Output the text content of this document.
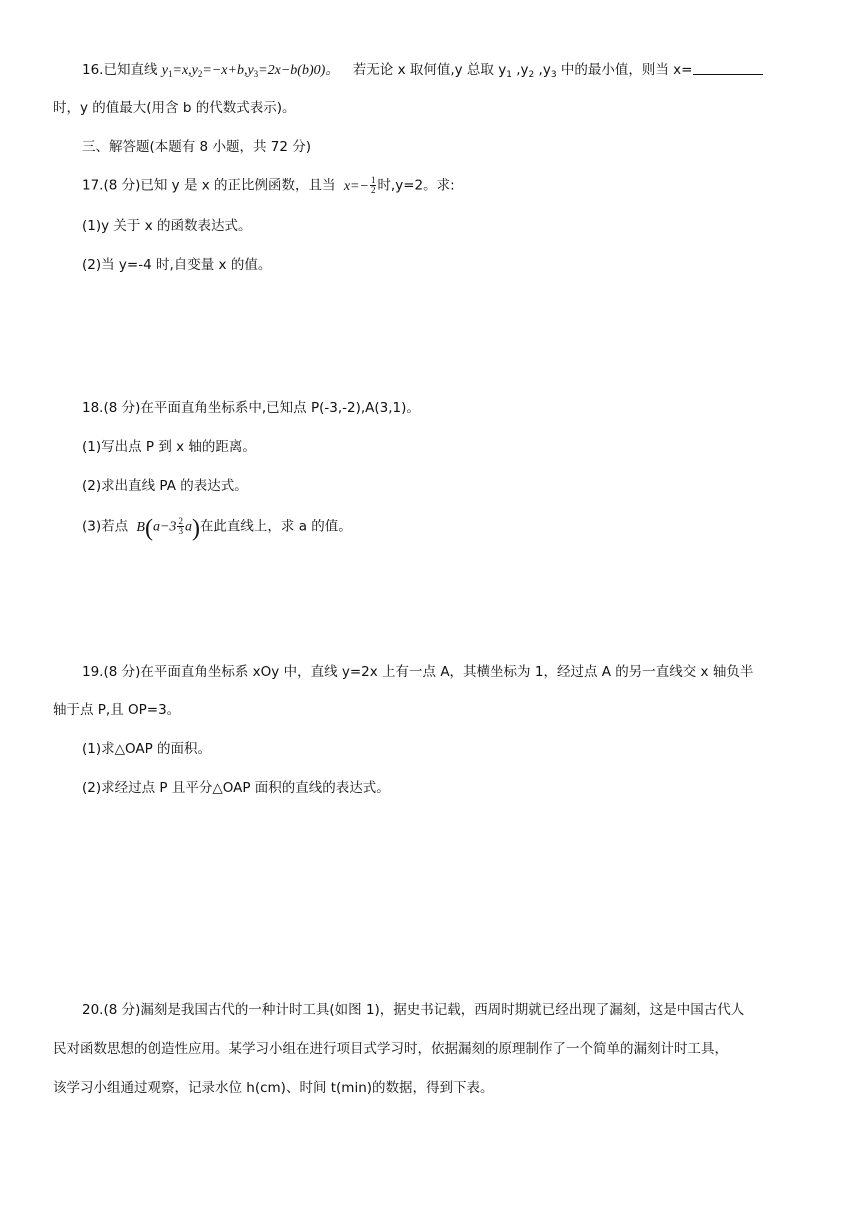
16.已知直线 $y_1=x,y_2=-x+b,y_3=2x-b(b)0$)。 若无论 x 取何值,y 总取 $y_1$ $,y_2$ $,y_3$ 中的最小值，则当 x=
时，y 的值最大(用含 b 的代数式表示)。
三、解答题(本题有 8 小题，共 72 分)
17.(8 分)已知 y 是 x 的正比例函数，且当 $x=- \frac{1}{2}$ 时,y=2。求:
(1)y 关于 x 的函数表达式。
(2)当 y=-4 时,自变量 x 的值。
18.(8 分)在平面直角坐标系中,已知点 P(-3,-2),A(3,1)。
(1)写出点 P 到 x 轴的距离。
(2)求出直线 PA 的表达式。
(3)若点 $B(a-3 \frac{2}{3} a)$在此直线上，求 a 的值。
19.(8 分)在平面直角坐标系 xOy 中，直线 y=2x 上有一点 A，其横坐标为 1，经过点 A 的另一直线交 x 轴负半
轴于点 P,且 OP=3。
(1)求△OAP 的面积。
(2)求经过点 P 且平分△OAP 面积的直线的表达式。
20.(8 分)漏刻是我国古代的一种计时工具(如图 1)，据史书记载，西周时期就已经出现了漏刻，这是中国古代人
民对函数思想的创造性应用。某学习小组在进行项目式学习时，依据漏刻的原理制作了一个简单的漏刻计时工具，
该学习小组通过观察，记录水位 h(cm)、时间 t(min)的数据，得到下表。
